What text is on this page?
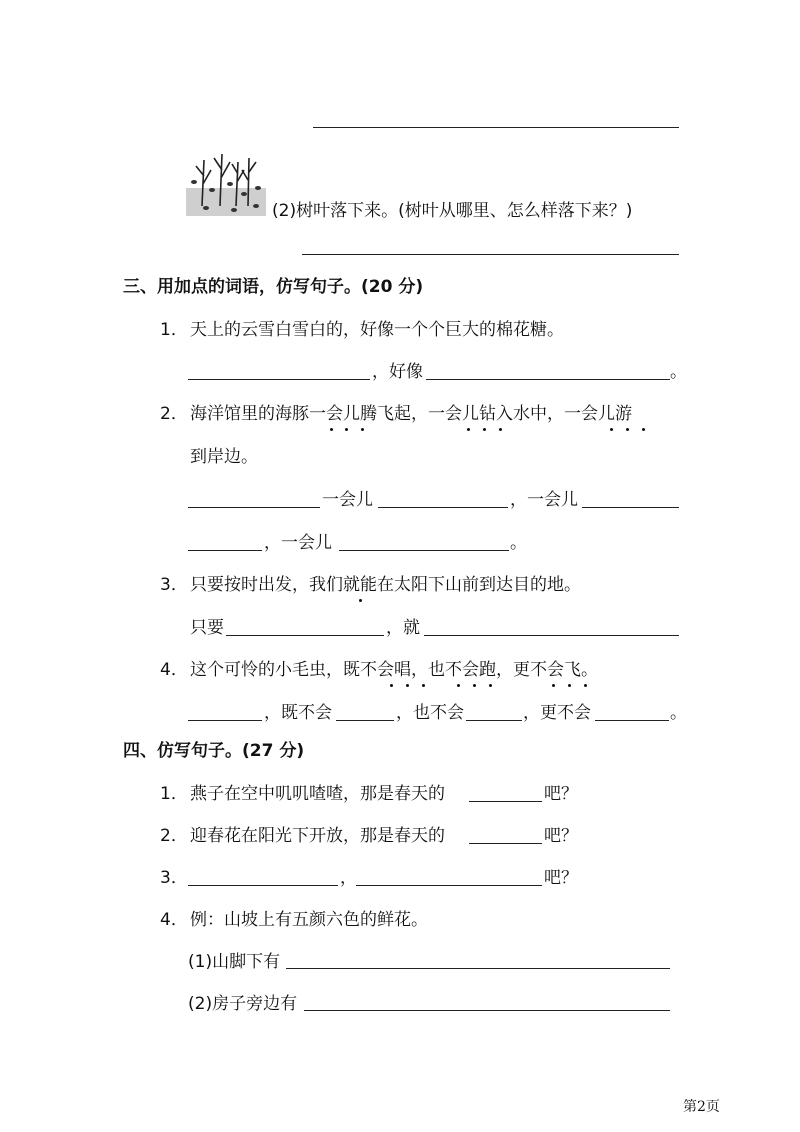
(2)树叶落下来。(树叶从哪里、怎么样落下来？)
三、用加点的词语，仿写句子。(20 分)
1． 天上的云雪白雪白的，好像一个个巨大的棉花糖。
，好像	。
2． 海洋馆里的海豚一会儿腾飞起，一会儿钻入水中，一会儿游
到岸边。
一会儿	，一会儿
，一会儿	。
3． 只要按时出发，我们就能在太阳下山前到达目的地。
只要	，就
4． 这个可怜的小毛虫，既不会唱，也不会跑，更不会飞。
，既不会	，也不会	，更不会	。
四、仿写句子。(27 分)
1． 燕子在空中叽叽喳喳，那是春天的	吧？
2． 迎春花在阳光下开放，那是春天的	吧？
3．	，	吧？
4． 例：山坡上有五颜六色的鲜花。
(1)山脚下有
(2)房子旁边有
第2页
